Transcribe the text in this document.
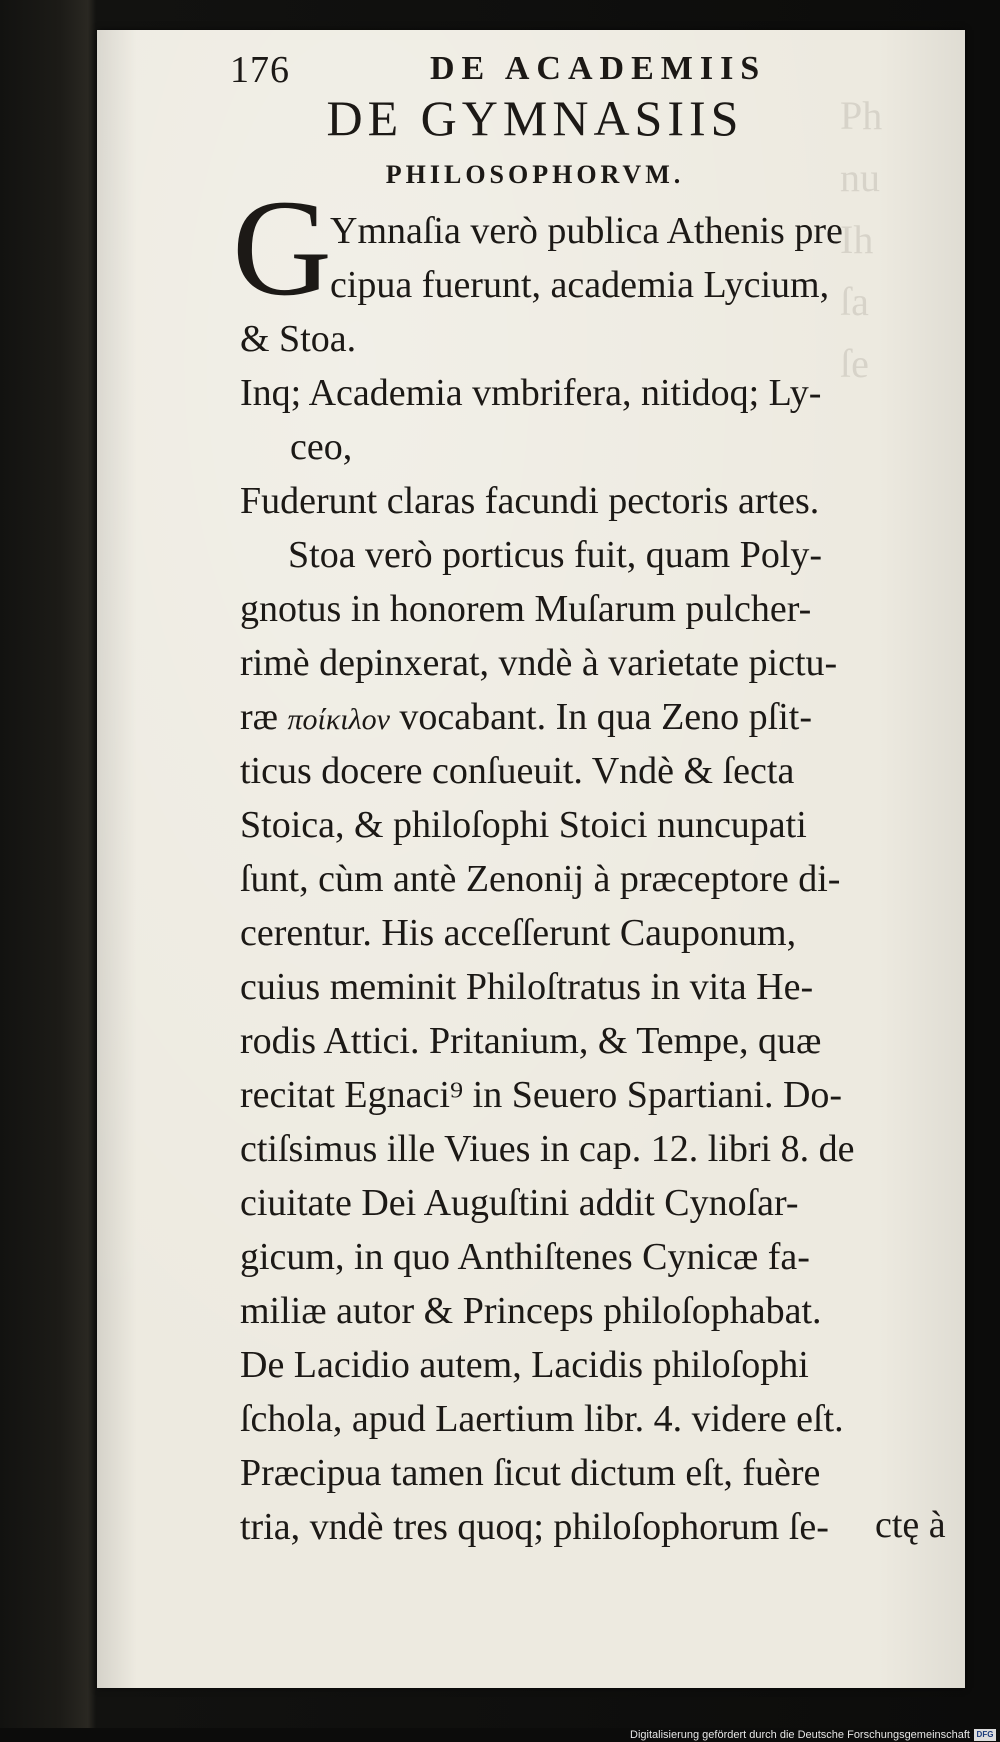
176	DE ACADEMIIS
DE GYMNASIIS
PHILOSOPHORVM.
G
Ymnaſia verò publica Athenis pre
cipua fuerunt, academia Lycium,
& Stoa.
Inq; Academia vmbrifera, nitidoq; Ly-
ceo,
Fuderunt claras facundi pectoris artes.
Stoa verò porticus fuit, quam Poly-
gnotus in honorem Muſarum pulcher-
rimè depinxerat, vndè à varietate pictu-
ræ ποίκιλον vocabant. In qua Zeno pſit-
ticus docere conſueuit. Vndè & ſecta
Stoica, & philoſophi Stoici nuncupati
ſunt, cùm antè Zenonij à præceptore di-
cerentur. His acceſſerunt Cauponum,
cuius meminit Philoſtratus in vita He-
rodis Attici. Pritanium, & Tempe, quæ
recitat Egnaci⁹ in Seuero Spartiani. Do-
ctiſsimus ille Viues in cap. 12. libri 8. de
ciuitate Dei Auguſtini addit Cynoſar-
gicum, in quo Anthiſtenes Cynicæ fa-
miliæ autor & Princeps philoſophabat.
De Lacidio autem, Lacidis philoſophi
ſchola, apud Laertium libr. 4. videre eſt.
Præcipua tamen ſicut dictum eſt, fuère
tria, vndè tres quoq; philoſophorum ſe- ctę à
Digitalisierung gefördert durch die Deutsche Forschungsgemeinschaft DFG
